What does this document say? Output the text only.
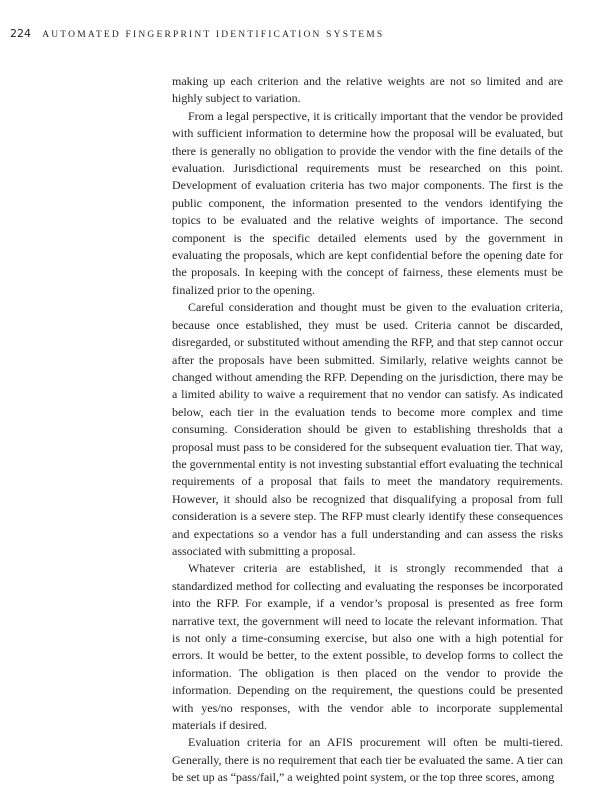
224 AUTOMATED FINGERPRINT IDENTIFICATION SYSTEMS

making up each criterion and the relative weights are not so limited and are highly subject to variation.

From a legal perspective, it is critically important that the vendor be provided with sufficient information to determine how the proposal will be evaluated, but there is generally no obligation to provide the vendor with the fine details of the evaluation. Jurisdictional requirements must be researched on this point. Development of evaluation criteria has two major components. The first is the public component, the information presented to the vendors identifying the topics to be evaluated and the relative weights of importance. The second component is the specific detailed elements used by the government in evaluating the proposals, which are kept confidential before the opening date for the proposals. In keeping with the concept of fairness, these elements must be finalized prior to the opening.

Careful consideration and thought must be given to the evaluation criteria, because once established, they must be used. Criteria cannot be discarded, disregarded, or substituted without amending the RFP, and that step cannot occur after the proposals have been submitted. Similarly, relative weights cannot be changed without amending the RFP. Depending on the jurisdiction, there may be a limited ability to waive a requirement that no vendor can satisfy. As indicated below, each tier in the evaluation tends to become more complex and time consuming. Consideration should be given to establishing thresholds that a proposal must pass to be considered for the subsequent evaluation tier. That way, the governmental entity is not investing substantial effort evaluating the technical requirements of a proposal that fails to meet the mandatory requirements. However, it should also be recognized that disqualifying a proposal from full consideration is a severe step. The RFP must clearly identify these consequences and expectations so a vendor has a full understanding and can assess the risks associated with submitting a proposal.

Whatever criteria are established, it is strongly recommended that a standardized method for collecting and evaluating the responses be incorporated into the RFP. For example, if a vendor’s proposal is presented as free form narrative text, the government will need to locate the relevant information. That is not only a time-consuming exercise, but also one with a high potential for errors. It would be better, to the extent possible, to develop forms to collect the information. The obligation is then placed on the vendor to provide the information. Depending on the requirement, the questions could be presented with yes/no responses, with the vendor able to incorporate supplemental materials if desired.

Evaluation criteria for an AFIS procurement will often be multi-tiered. Generally, there is no requirement that each tier be evaluated the same. A tier can be set up as “pass/fail,” a weighted point system, or the top three scores, among
